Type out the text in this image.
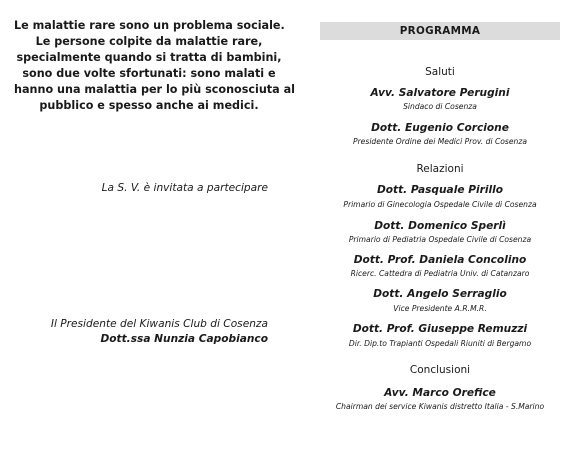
Le malattie rare sono un problema sociale.
Le persone colpite da malattie rare,
specialmente quando si tratta di bambini,
sono due volte sfortunati: sono malati e
hanno una malattia per lo più sconosciuta al
pubblico e spesso anche ai medici.
La S. V. è invitata a partecipare
Il Presidente del Kiwanis Club di Cosenza
Dott.ssa Nunzia Capobianco
PROGRAMMA
Saluti
Avv. Salvatore Perugini
Sindaco di Cosenza
Dott. Eugenio Corcione
Presidente Ordine dei Medici Prov. di Cosenza
Relazioni
Dott. Pasquale Pirillo
Primario di Ginecologia Ospedale Civile di Cosenza
Dott. Domenico Sperlì
Primario di Pediatria Ospedale Civile di Cosenza
Dott. Prof. Daniela Concolino
Ricerc. Cattedra di Pediatria Univ. di Catanzaro
Dott. Angelo Serraglio
Vice Presidente A.R.M.R.
Dott. Prof. Giuseppe Remuzzi
Dir. Dip.to Trapianti Ospedali Riuniti di Bergamo
Conclusioni
Avv. Marco Orefice
Chairman dei service Kiwanis distretto Italia - S.Marino
